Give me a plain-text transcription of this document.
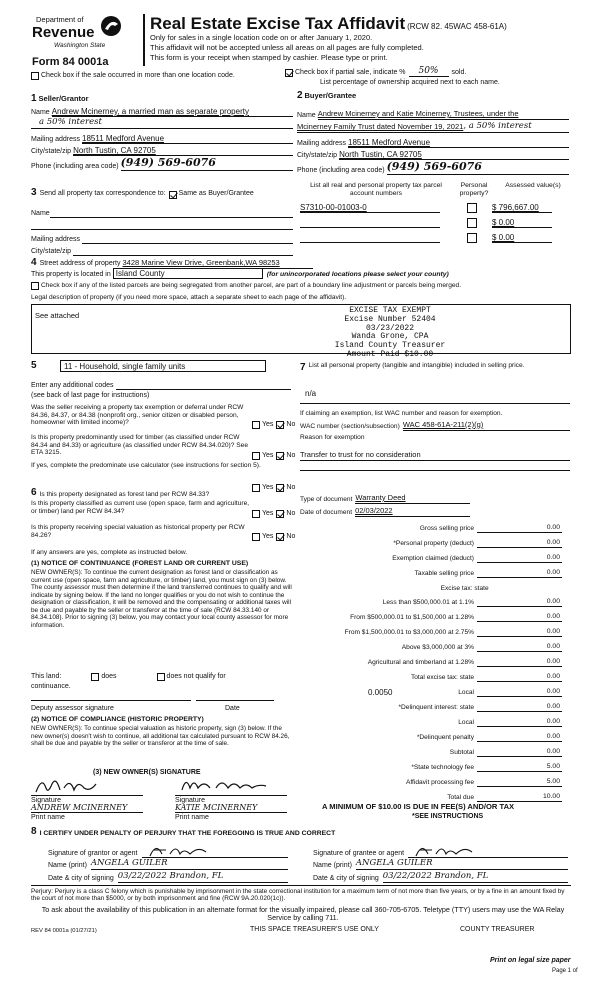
Department of
Revenue
Washington State
Form 84 0001a
Real Estate Excise Tax Affidavit (RCW 82. 45WAC 458-61A)
Only for sales in a single location code on or after January 1, 2020.
This affidavit will not be accepted unless all areas on all pages are fully completed.
This form is your receipt when stamped by cashier. Please type or print.
Check box if the sale occurred in more than one location code.	Check box if partial sale, indicate %	50%	sold.
List percentage of ownership acquired next to each name.
1 Seller/Grantor
Name Andrew Mcinerney, a married man as separate property
a 50% interest
Mailing address 18511 Medford Avenue
City/state/zip North Tustin, CA 92705
Phone (including area code) (949) 569-6076
2 Buyer/Grantee
Name Andrew Mcinerney and Katie Mcinerney, Trustees, under the
Mcinerney Family Trust dated November 19, 2021 , a 50% interest
Mailing address 18511 Medford Avenue
City/state/zip North Tustin, CA 92705
Phone (including area code) (949) 569-6076
3 Send all property tax correspondence to: Same as Buyer/Grantee
Name
Mailing address
City/state/zip
List all real and personal property tax parcel account numbers
Personal property?
Assessed value(s)
S7310-00-01003-0	$ 796,667.00
$ 0.00
$ 0.00
4 Street address of property 3428 Marine View Drive, Greenbank,WA 98253
This property is located in Island County	(for unincorporated locations please select your county)
Check box if any of the listed parcels are being segregated from another parcel, are part of a boundary line adjustment or parcels being merged.
Legal description of property (if you need more space, attach a separate sheet to each page of the affidavit).
See attached
EXCISE TAX EXEMPT
Excise Number 52404
03/23/2022
Wanda Grone, CPA
Island County Treasurer
Amount Paid $10.00
5	11 - Household, single family units
Enter any additional codes
(see back of last page for instructions)
Was the seller receiving a property tax exemption or deferral under RCW 84.36, 84.37, or 84.38 (nonprofit org., senior citizen or disabled person, homeowner with limited income)?	Yes No
Is this property predominantly used for timber (as classified under RCW 84.34 and 84.33) or agriculture (as classified under RCW 84.34.020)? See ETA 3215.	Yes No
If yes, complete the predominate use calculator (see instructions for section 5).
6 Is this property designated as forest land per RCW 84.33?
Yes No
Is this property classified as current use (open space, farm and agriculture, or timber) land per RCW 84.34?	Yes No
Is this property receiving special valuation as historical property per RCW 84.26?	Yes No
If any answers are yes, complete as instructed below.
(1) NOTICE OF CONTINUANCE (FOREST LAND OR CURRENT USE)
NEW OWNER(S): To continue the current designation as forest land or classification as current use (open space, farm and agriculture, or timber) land, you must sign on (3) below. The county assessor must then determine if the land transferred continues to qualify and will indicate by signing below. If the land no longer qualifies or you do not wish to continue the designation or classification, it will be removed and the compensating or additional taxes will be due and payable by the seller or transferor at the time of sale (RCW 84.33.140 or 84.34.108). Prior to signing (3) below, you may contact your local county assessor for more information.
This land:	does	does not qualify for
continuance.
Deputy assessor signature	Date
(2) NOTICE OF COMPLIANCE (HISTORIC PROPERTY)
NEW OWNER(S): To continue special valuation as historic property, sign (3) below. If the new owner(s) doesn't wish to continue, all additional tax calculated pursuant to RCW 84.26, shall be due and payable by the seller or transferor at the time of sale.
(3) NEW OWNER(S) SIGNATURE
Signature	Signature
ANDREW MCINERNEY	KATIE MCINERNEY
Print name	Print name
7 List all personal property (tangible and intangible) included in selling price.
n/a
If claiming an exemption, list WAC number and reason for exemption.
WAC number (section/subsection) WAC 458-61A-211(2)(g)
Reason for exemption
Transfer to trust for no consideration
Type of document Warranty Deed
Date of document 02/03/2022
Gross selling price	0.00
*Personal property (deduct)	0.00
Exemption claimed (deduct)	0.00
Taxable selling price	0.00
Excise tax: state
Less than $500,000.01 at 1.1%	0.00
From $500,000.01 to $1,500,000 at 1.28%	0.00
From $1,500,000.01 to $3,000,000 at 2.75%	0.00
Above $3,000,000 at 3%	0.00
Agricultural and timberland at 1.28%	0.00
Total excise tax: state	0.00
0.0050	Local	0.00
*Delinquent interest: state	0.00
Local	0.00
*Delinquent penalty	0.00
Subtotal	0.00
*State technology fee	5.00
Affidavit processing fee	5.00
Total due	10.00
A MINIMUM OF $10.00 IS DUE IN FEE(S) AND/OR TAX
*SEE INSTRUCTIONS
8 I CERTIFY UNDER PENALTY OF PERJURY THAT THE FOREGOING IS TRUE AND CORRECT
Signature of grantor or agent
Name (print) ANGELA GUILER
Date & city of signing 03/22/2022 Brandon, FL
Signature of grantee or agent
Name (print) ANGELA GUILER
Date & city of signing 03/22/2022 Brandon, FL
Perjury: Perjury is a class C felony which is punishable by imprisonment in the state correctional institution for a maximum term of not more than five years, or by a fine in an amount fixed by the court of not more than $5000, or by both imprisonment and fine (RCW 9A.20.020(1c)).
To ask about the availability of this publication in an alternate format for the visually impaired, please call 360-705-6705. Teletype (TTY) users may use the WA Relay Service by calling 711.
REV 84 0001a (01/27/21)	THIS SPACE TREASURER'S USE ONLY	COUNTY TREASURER
Print on legal size paper
Page 1 of
